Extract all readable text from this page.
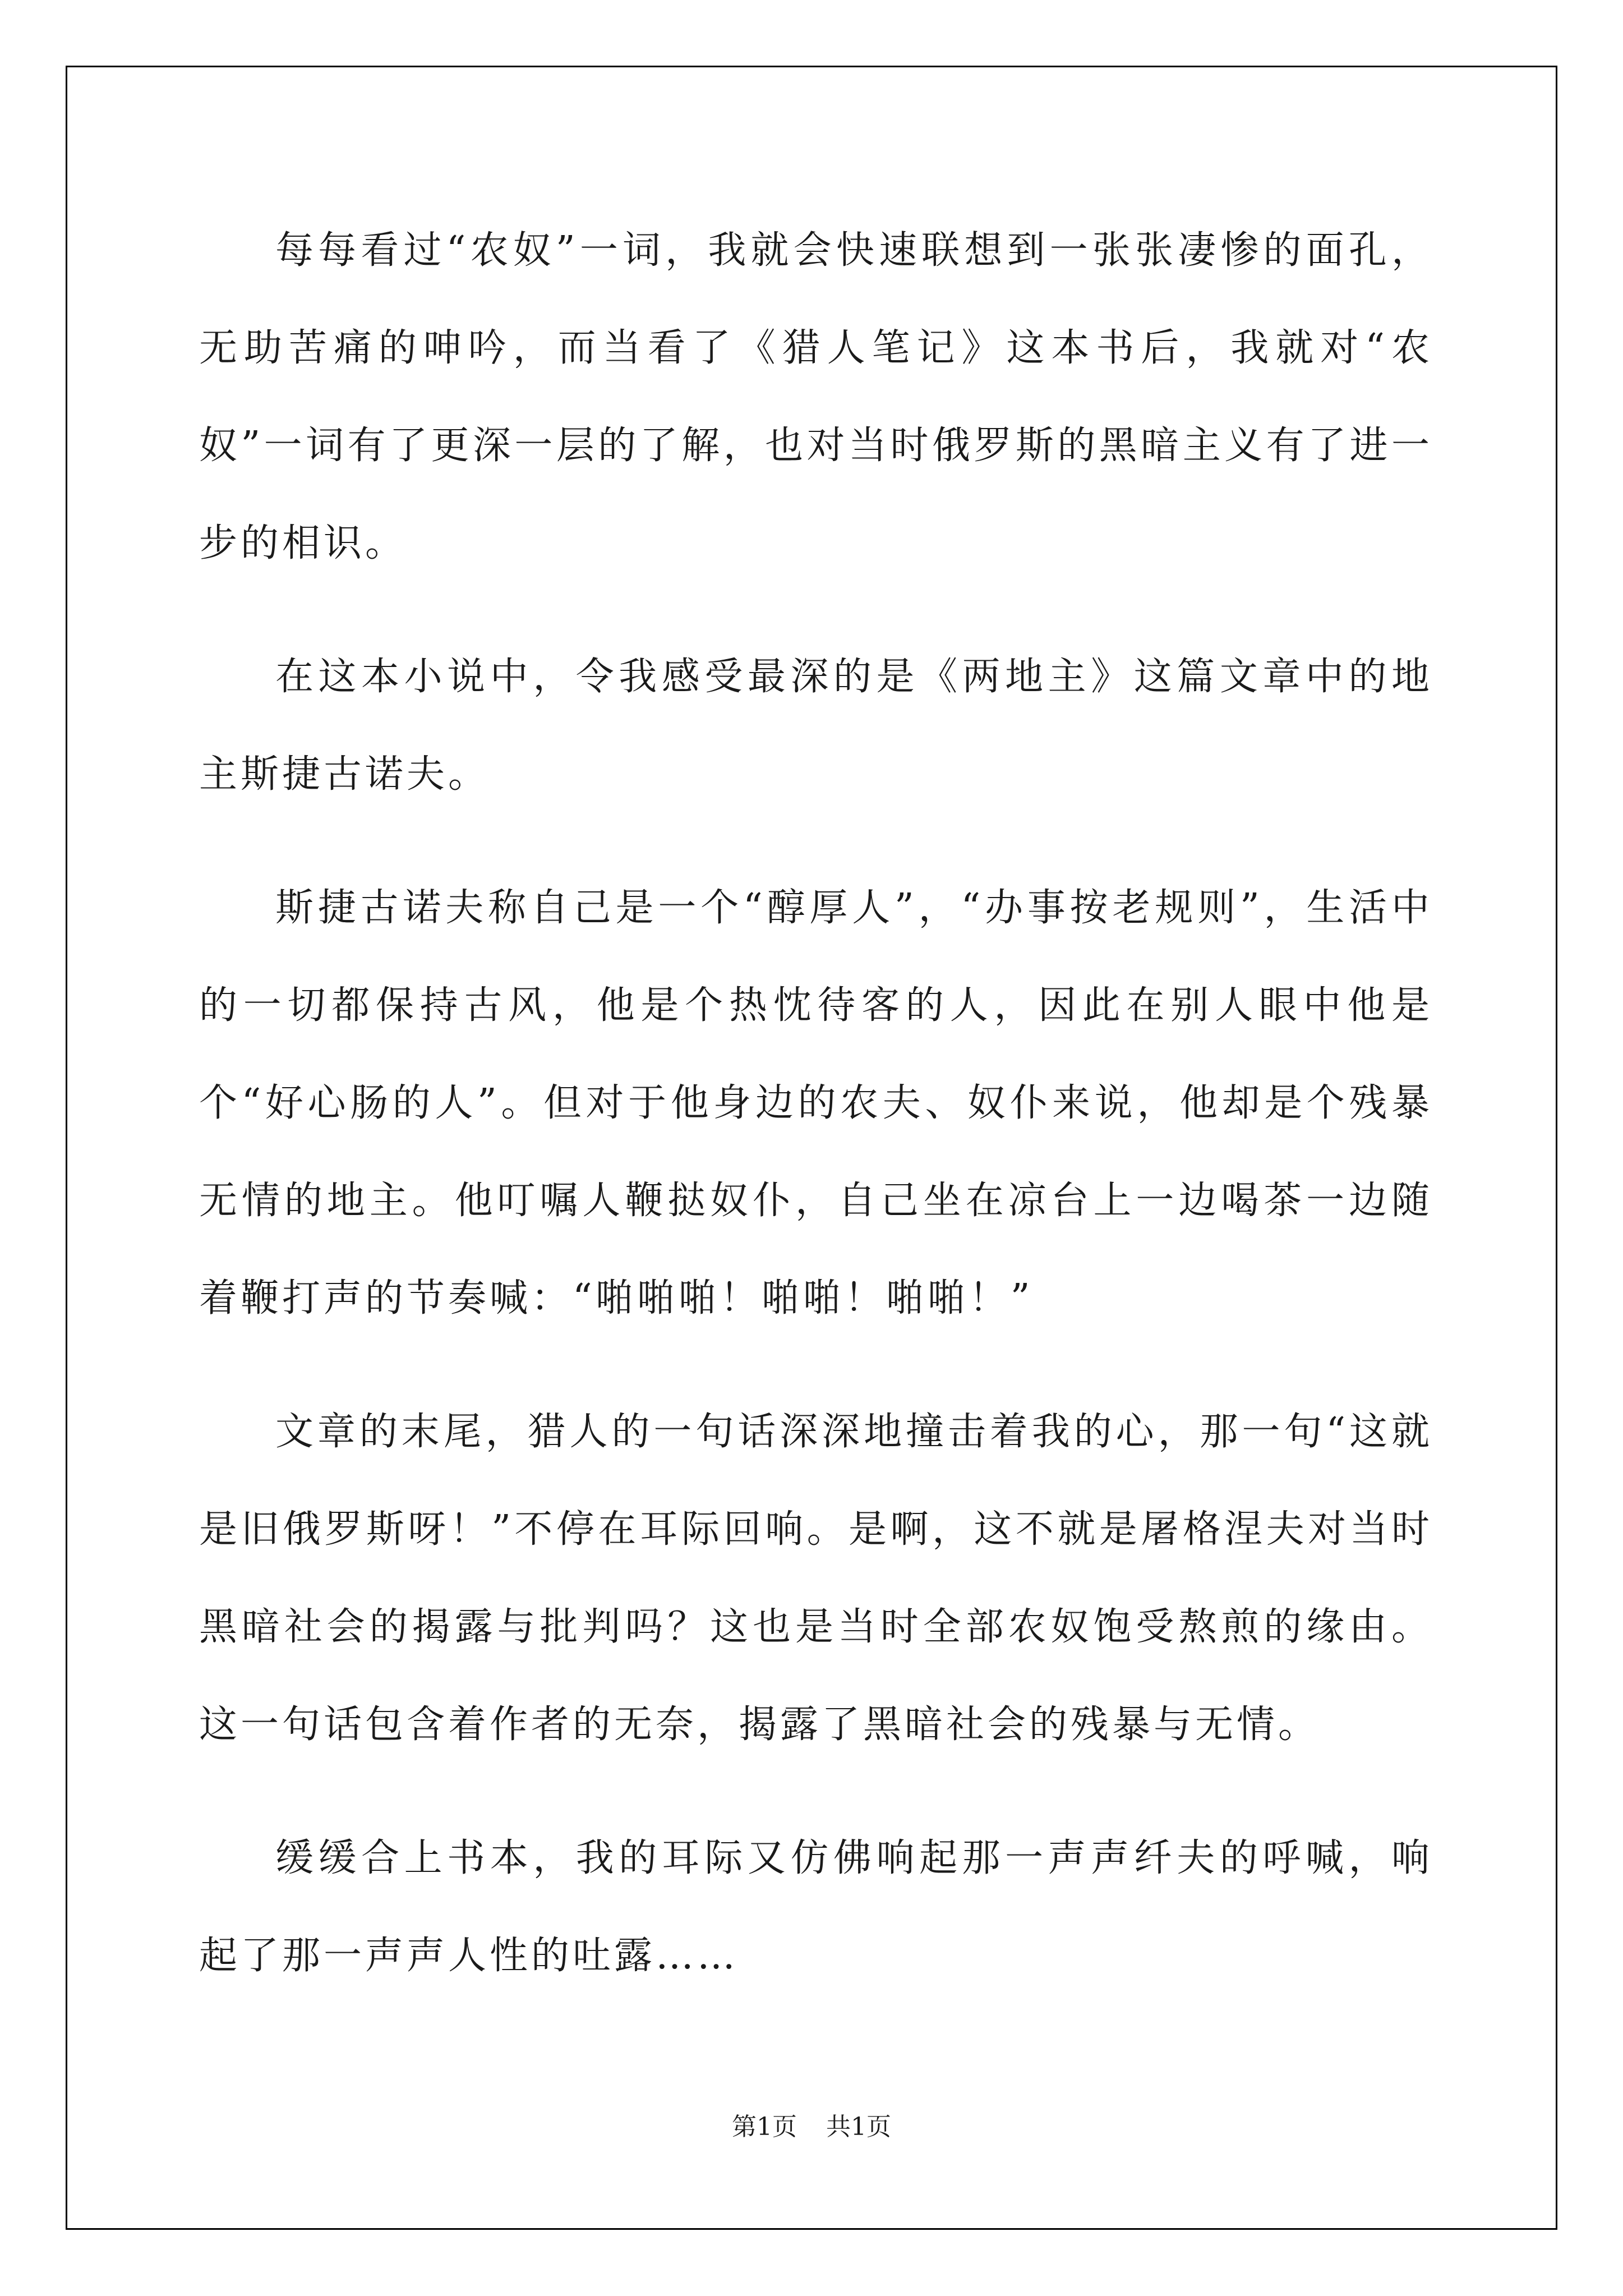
每每看过“农奴”一词，我就会快速联想到一张张凄惨的面孔，无助苦痛的呻吟，而当看了《猎人笔记》这本书后，我就对“农奴”一词有了更深一层的了解，也对当时俄罗斯的黑暗主义有了进一步的相识。

在这本小说中，令我感受最深的是《两地主》这篇文章中的地主斯捷古诺夫。

斯捷古诺夫称自己是一个“醇厚人”，“办事按老规则”，生活中的一切都保持古风，他是个热忱待客的人，因此在别人眼中他是个“好心肠的人”。但对于他身边的农夫、奴仆来说，他却是个残暴无情的地主。他叮嘱人鞭挞奴仆，自己坐在凉台上一边喝茶一边随着鞭打声的节奏喊：“啪啪啪！啪啪！啪啪！”

文章的末尾，猎人的一句话深深地撞击着我的心，那一句“这就是旧俄罗斯呀！”不停在耳际回响。是啊，这不就是屠格涅夫对当时黑暗社会的揭露与批判吗？这也是当时全部农奴饱受熬煎的缘由。这一句话包含着作者的无奈，揭露了黑暗社会的残暴与无情。

缓缓合上书本，我的耳际又仿佛响起那一声声纤夫的呼喊，响起了那一声声人性的吐露……

第1页 共1页
